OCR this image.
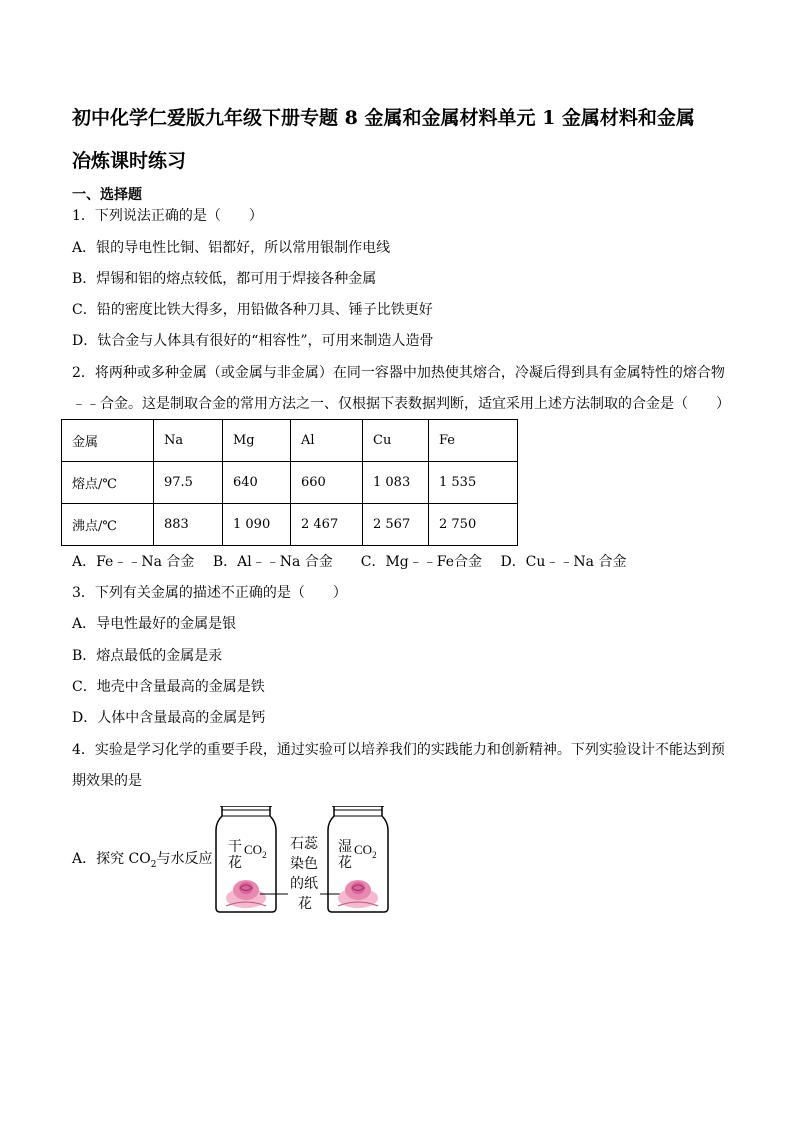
初中化学仁爱版九年级下册专题 8 金属和金属材料单元 1 金属材料和金属
冶炼课时练习
一、选择题
1．下列说法正确的是（　　）
A．银的导电性比铜、铝都好，所以常用银制作电线
B．焊锡和铝的熔点较低，都可用于焊接各种金属
C．铅的密度比铁大得多，用铅做各种刀具、锤子比铁更好
D．钛合金与人体具有很好的“相容性”，可用来制造人造骨
2．将两种或多种金属（或金属与非金属）在同一容器中加热使其熔合，冷凝后得到具有金属特性的熔合物
﹣﹣合金。这是制取合金的常用方法之一、仅根据下表数据判断，适宜采用上述方法制取的合金是（　　）
金属	Na	Mg	Al	Cu	Fe
熔点/℃	97.5	640	660	1 083	1 535
沸点/℃	883	1 090	2 467	2 567	2 750
A．Fe﹣﹣Na 合金　 B．Al﹣﹣Na 合金　　C．Mg﹣﹣Fe合金　 D．Cu﹣﹣Na 合金
3．下列有关金属的描述不正确的是（　　）
A．导电性最好的金属是银
B．熔点最低的金属是汞
C．地壳中含量最高的金属是铁
D．人体中含量最高的金属是钙
4．实验是学习化学的重要手段，通过实验可以培养我们的实践能力和创新精神。下列实验设计不能达到预
期效果的是
A．探究 $CO_2$与水反应
干
花
$CO_2$
石蕊
染色
的纸
花
湿
花
$CO_2$
